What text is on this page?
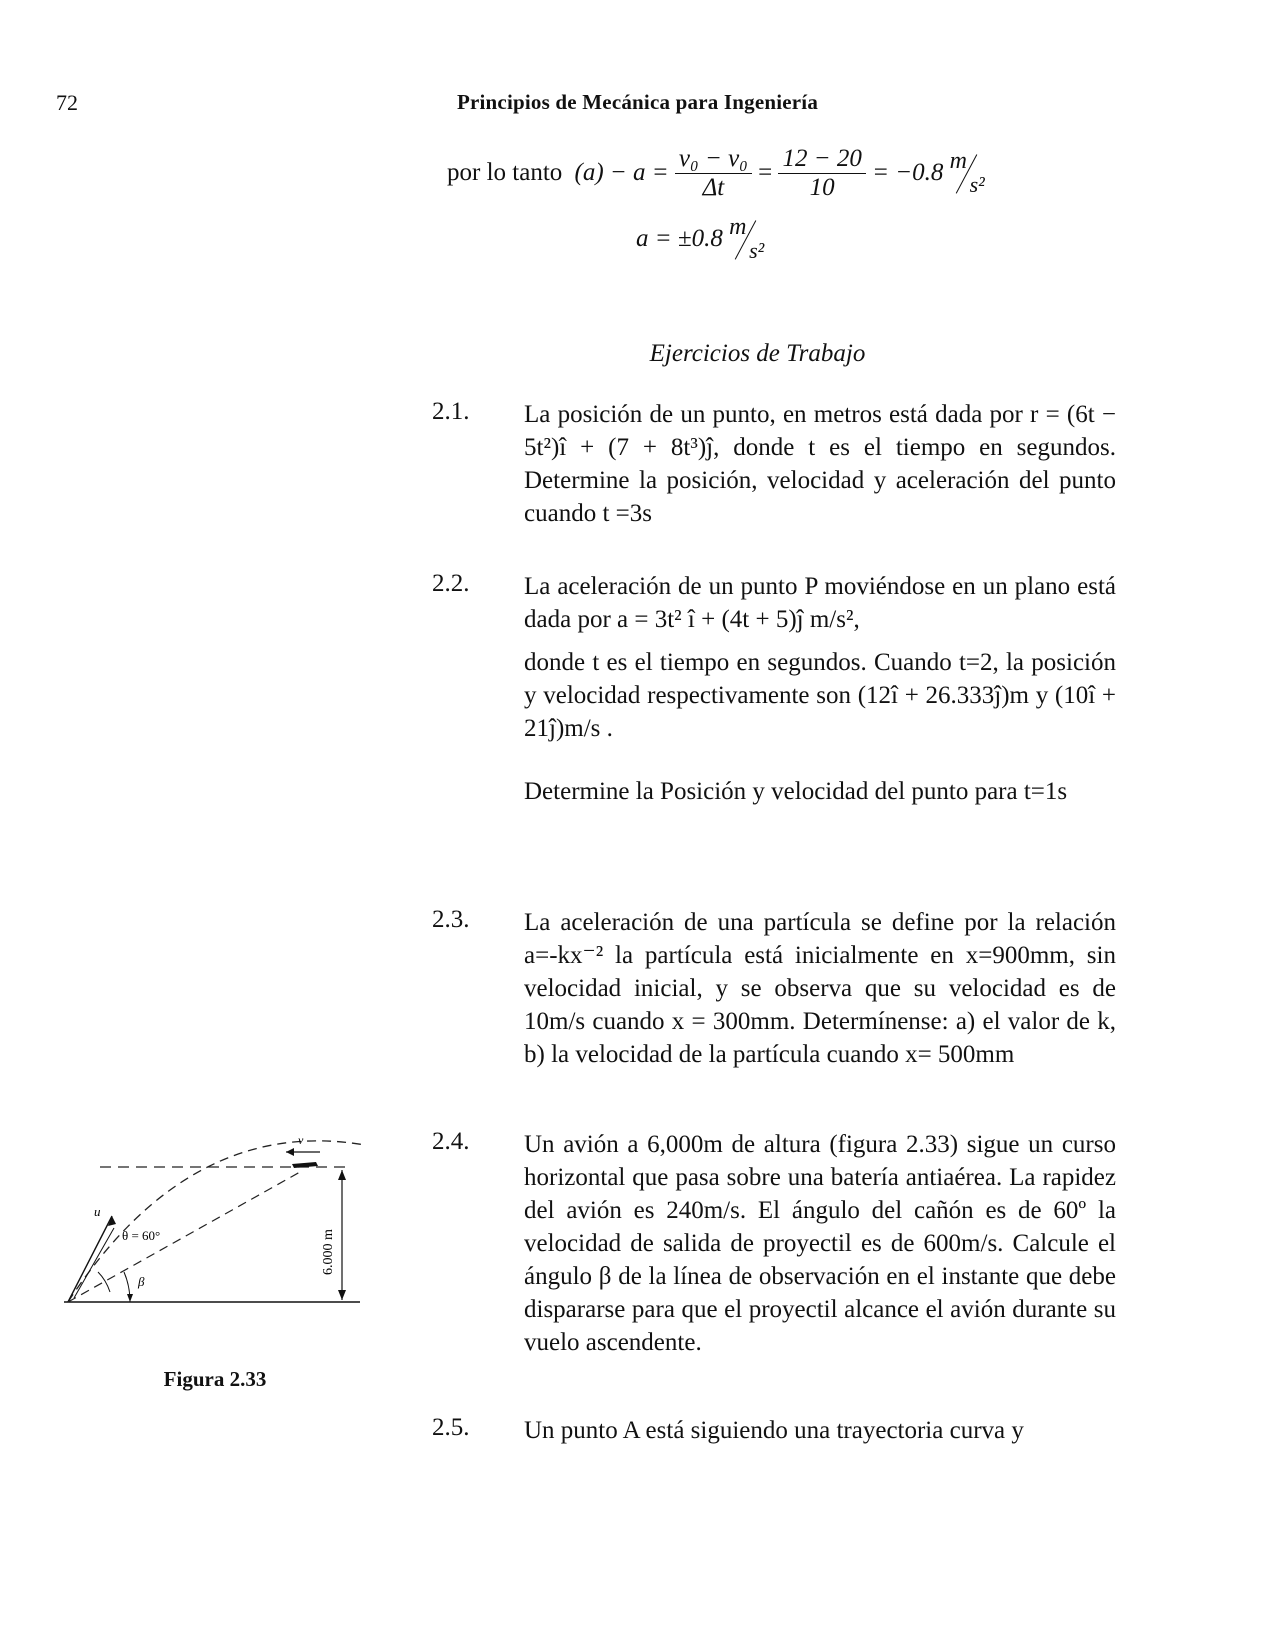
72	Principios de Mecánica para Ingeniería
por lo tanto $(a) - a = \frac{\text{v₀ − v₀}}{\Delta t} = \frac{12 - 20}{10} = -0.8$ m
s²
a = ±0.8 m
s²
Ejercicios de Trabajo
2.1. La posición de un punto, en metros está dada por r = (6t − 5t²)î + (7 + 8t³)ĵ, donde t es el tiempo en segundos. Determine la posición, velocidad y aceleración del punto cuando t =3s

2.2. La aceleración de un punto P moviéndose en un plano está dada por a = 3t² î + (4t + 5)ĵ m/s²,

donde t es el tiempo en segundos. Cuando t=2, la posición y velocidad respectivamente son (12î + 26.333ĵ)m y (10î + 21ĵ)m/s .

Determine la Posición y velocidad del punto para t=1s

2.3. La aceleración de una partícula se define por la relación a=-kx⁻² la partícula está inicialmente en x=900mm, sin velocidad inicial, y se observa que su velocidad es de 10m/s cuando x = 300mm. Determínense: a) el valor de k, b) la velocidad de la partícula cuando x= 500mm

2.4. Un avión a 6,000m de altura (figura 2.33) sigue un curso horizontal que pasa sobre una batería antiaérea. La rapidez del avión es 240m/s. El ángulo del cañón es de 60º la velocidad de salida de proyectil es de 600m/s. Calcule el ángulo β de la línea de observación en el instante que debe dispararse para que el proyectil alcance el avión durante su vuelo ascendente.

2.5. Un punto A está siguiendo una trayectoria curva y

v
u
θ = 60°
β
6.000 m
Figura 2.33
